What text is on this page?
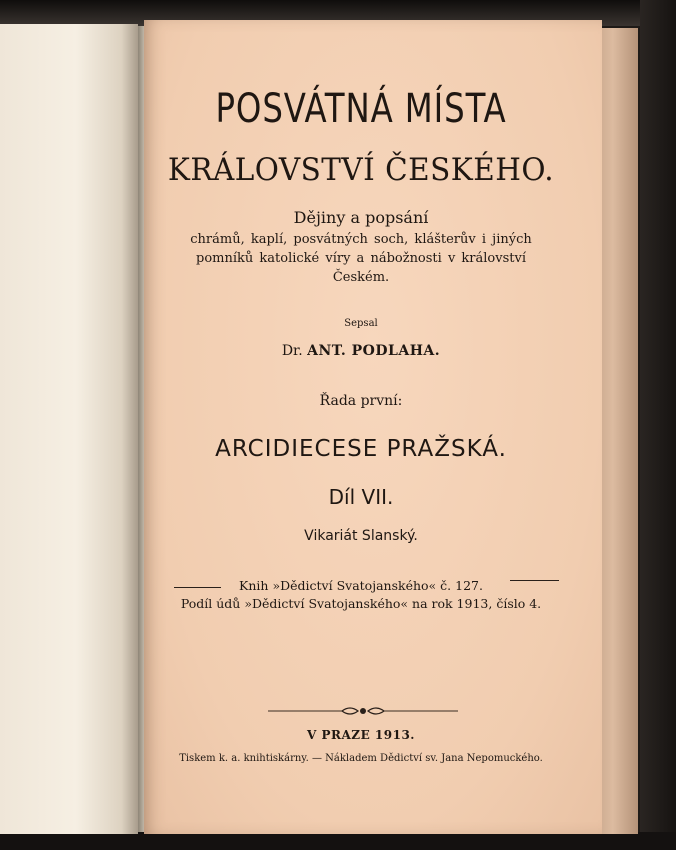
POSVÁTNÁ MÍSTA
KRÁLOVSTVÍ ČESKÉHO.
Dějiny a popsání
chrámů, kaplí, posvátných soch, klášterův i jiných
pomníků katolické víry a nábožnosti v království
Českém.
Sepsal
Dr. ANT. PODLAHA.
Řada první:
ARCIDIECESE PRAŽSKÁ.
Díl VII.
Vikariát Slanský.
Knih »Dědictví Svatojanského« č. 127.
Podíl údů »Dědictví Svatojanského« na rok 1913, číslo 4.
V PRAZE 1913.
Tiskem k. a. knihtiskárny. — Nákladem Dědictví sv. Jana Nepomuckého.
